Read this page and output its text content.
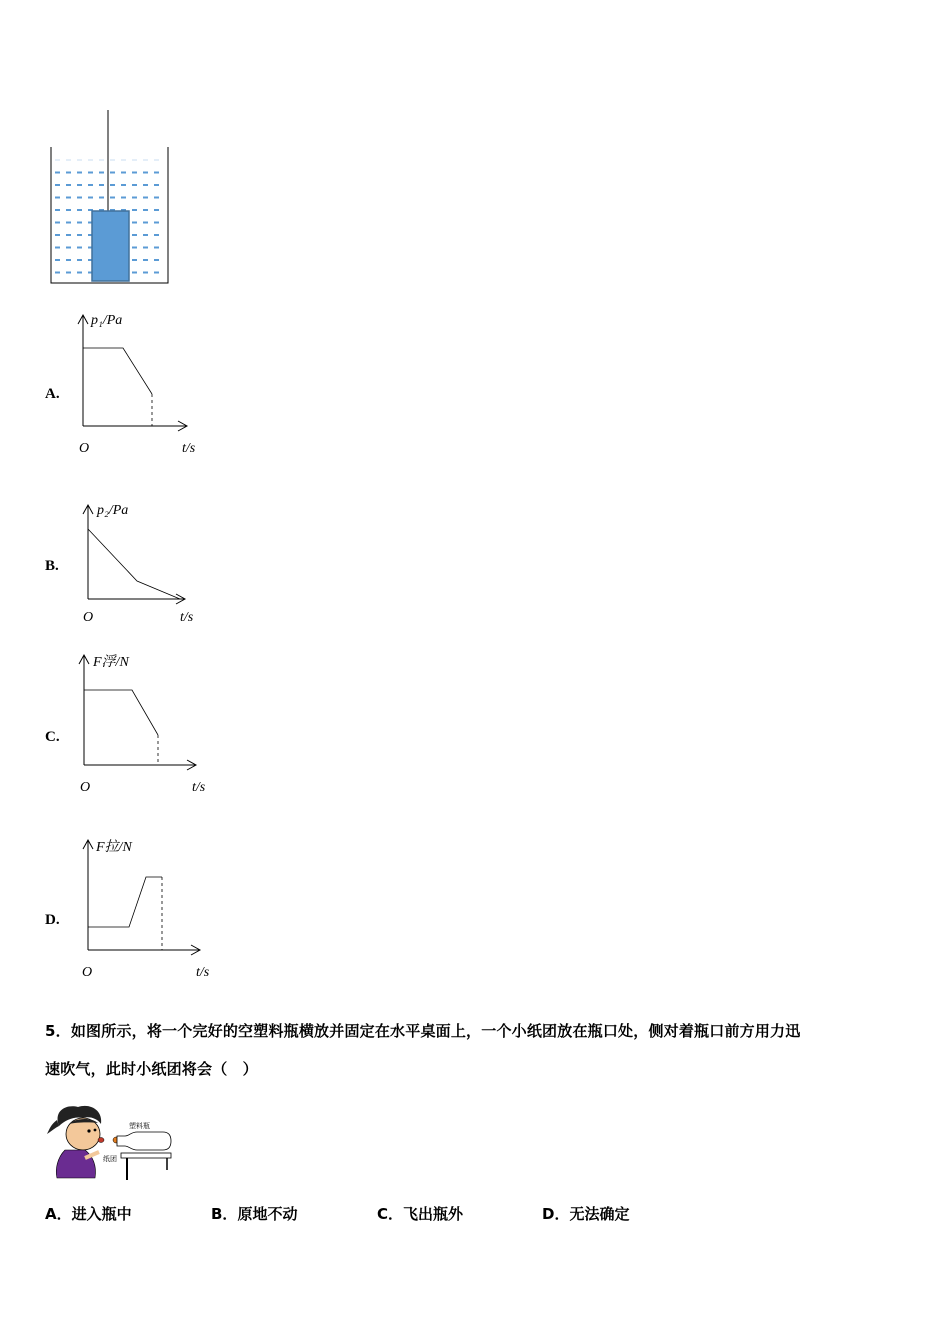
A.
p₁/Pa
O	t/s
B.
p₂/Pa
O	t/s
C.
F浮/N
O	t/s
D.
F拉/N
O	t/s
5．如图所示，将一个完好的空塑料瓶横放并固定在水平桌面上，一个小纸团放在瓶口处，侧对着瓶口前方用力迅
速吹气，此时小纸团将会（　）
塑料瓶
纸团
A．进入瓶中	B．原地不动	C．飞出瓶外	D．无法确定
